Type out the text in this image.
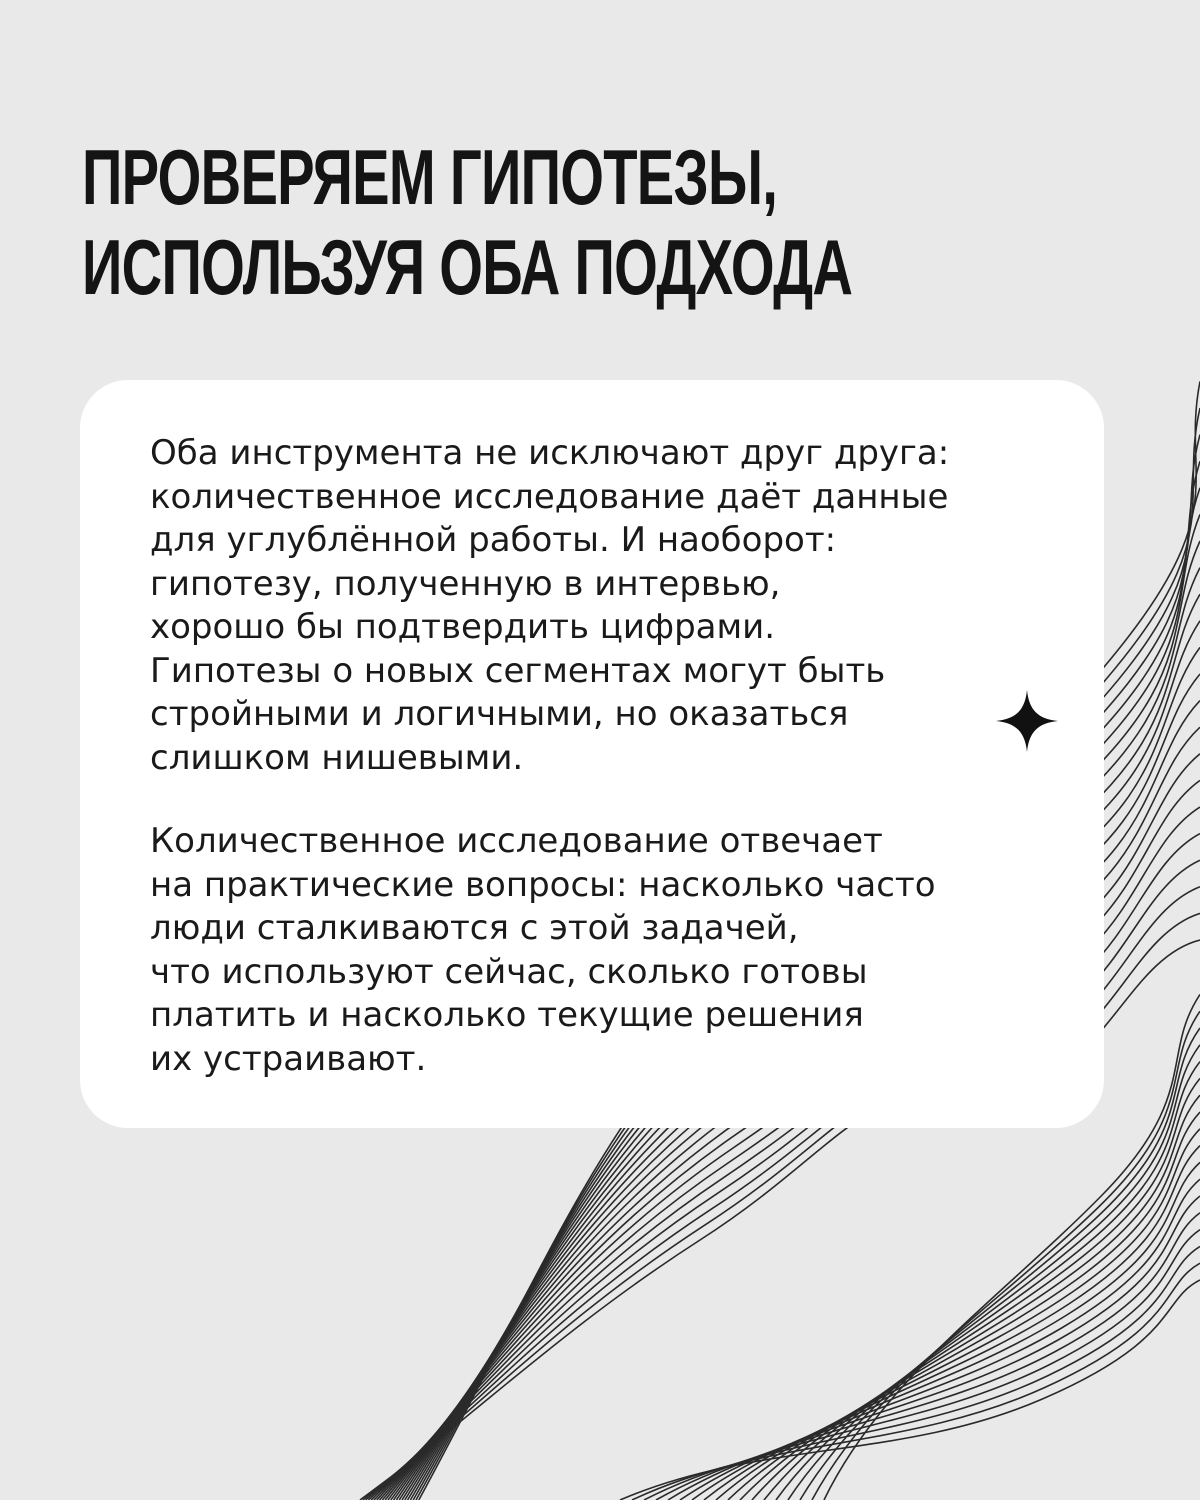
ПРОВЕРЯЕМ ГИПОТЕЗЫ,
ИСПОЛЬЗУЯ ОБА ПОДХОДА

Оба инструмента не исключают друг друга:
количественное исследование даёт данные
для углублённой работы. И наоборот:
гипотезу, полученную в интервью,
хорошо бы подтвердить цифрами.
Гипотезы о новых сегментах могут быть
стройными и логичными, но оказаться
слишком нишевыми.

Количественное исследование отвечает
на практические вопросы: насколько часто
люди сталкиваются с этой задачей,
что используют сейчас, сколько готовы
платить и насколько текущие решения
их устраивают.
